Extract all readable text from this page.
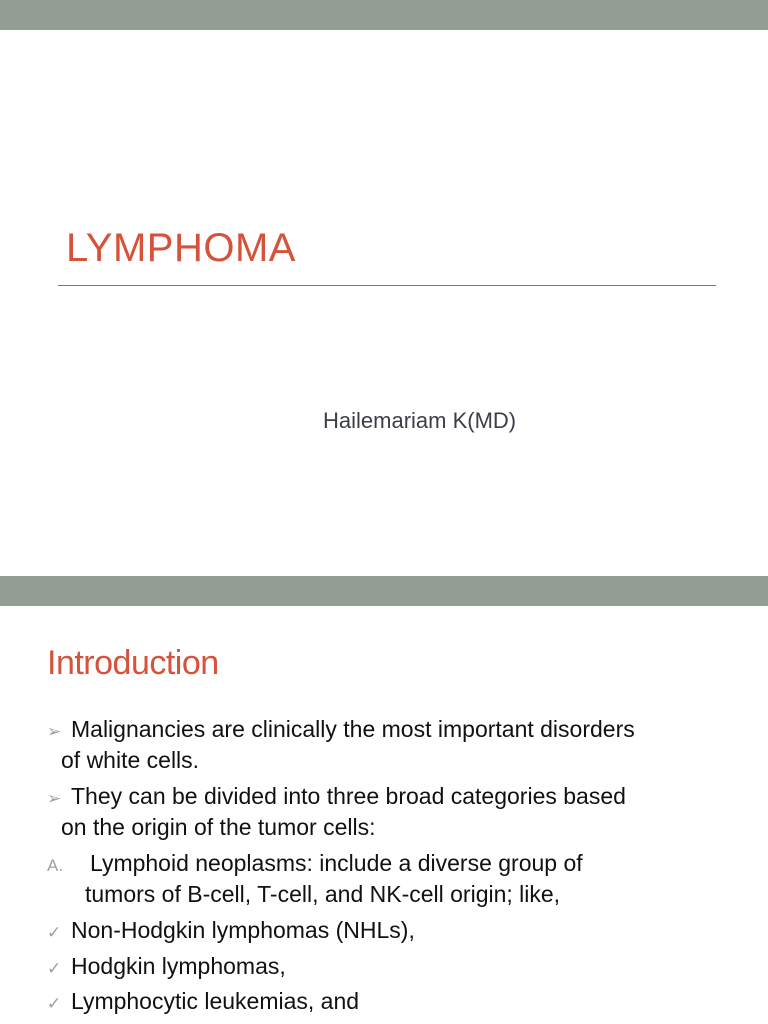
LYMPHOMA

Hailemariam K(MD)

Introduction
➢ Malignancies are clinically the most important disorders
of white cells.
➢ They can be divided into three broad categories based
on the origin of the tumor cells:
A.	Lymphoid neoplasms: include a diverse group of
tumors of B-cell, T-cell, and NK-cell origin; like,
✓ Non-Hodgkin lymphomas (NHLs),
✓ Hodgkin lymphomas,
✓ Lymphocytic leukemias, and
